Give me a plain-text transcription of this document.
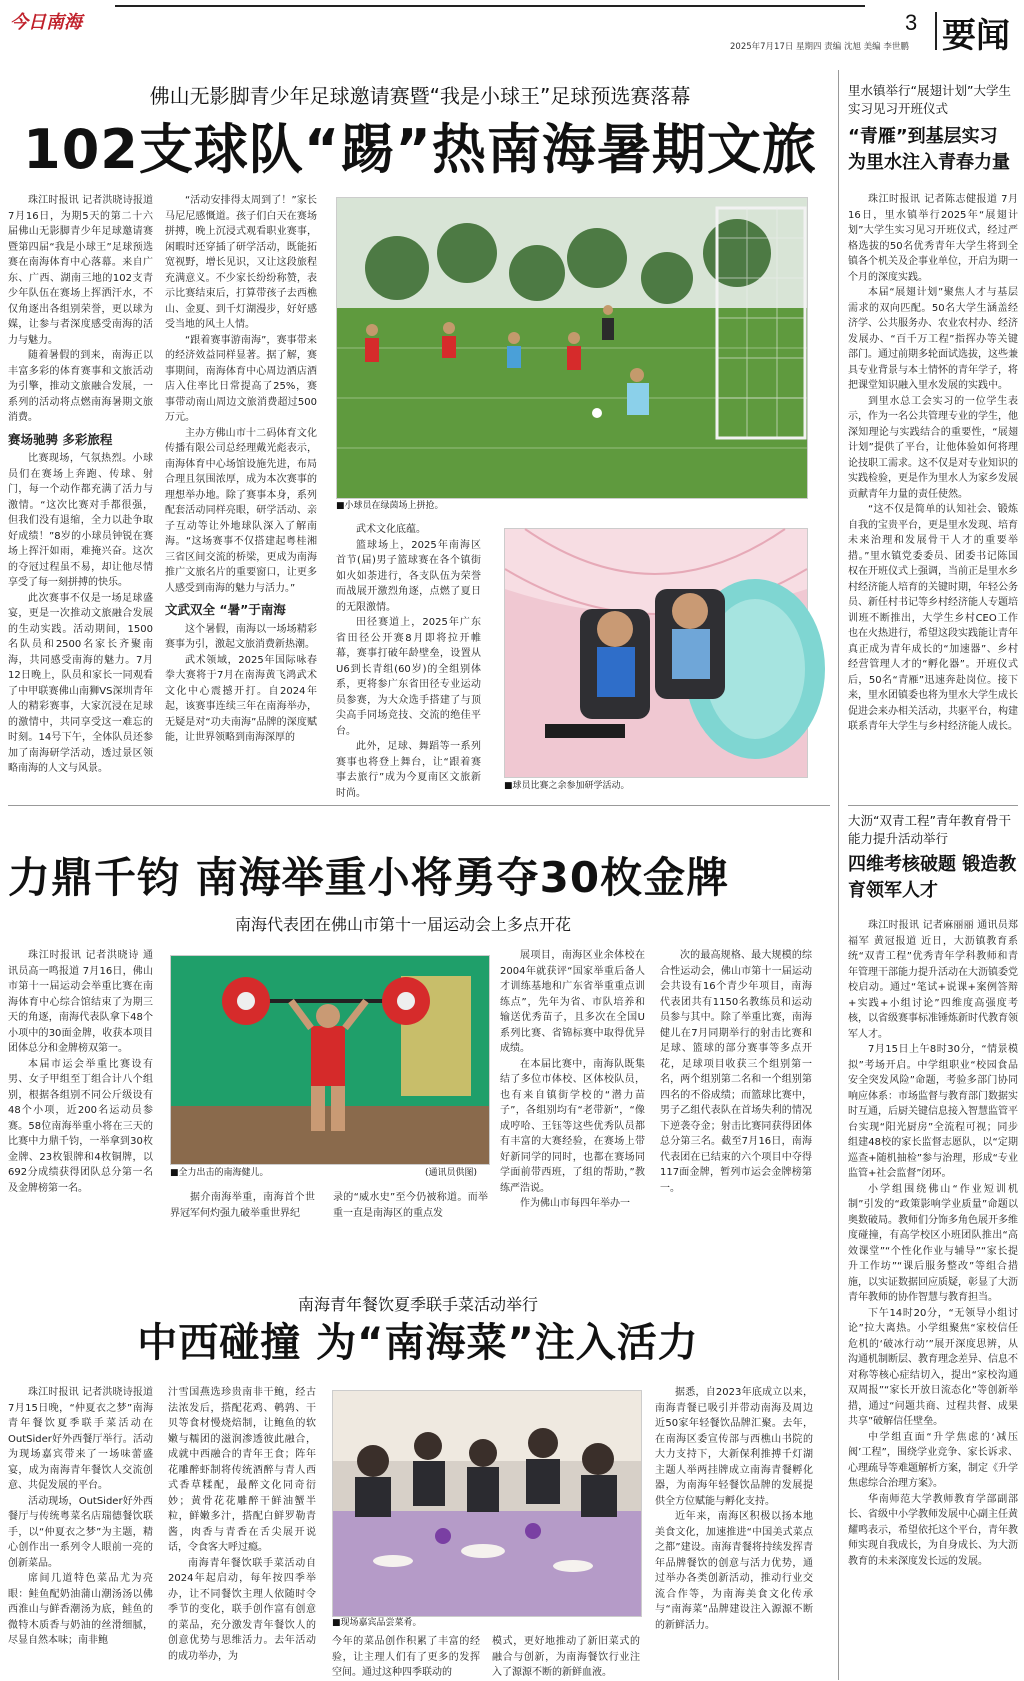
今日南海	3 要闻
2025年7月17日 星期四 责编 沈旭 美编 李世鹏
佛山无影脚青少年足球邀请赛暨“我是小球王”足球预选赛落幕
102支球队“踢”热南海暑期文旅

珠江时报讯 记者洪晓诗报道 7月16日，为期5天的第二十六届佛山无影脚青少年足球邀请赛暨第四届“我是小球王”足球预选赛在南海体育中心落幕。来自广东、广西、湖南三地的102支青少年队伍在赛场上挥洒汗水，不仅角逐出各组别荣誉，更以球为媒，让参与者深度感受南海的活力与魅力。

随着暑假的到来，南海正以丰富多彩的体育赛事和文旅活动为引擎，推动文旅融合发展，一系列的活动将点燃南海暑期文旅消费。

赛场驰骋 多彩旅程

比赛现场，气氛热烈。小球员们在赛场上奔跑、传球、射门，每一个动作都充满了活力与激情。“这次比赛对手都很强，但我们没有退缩，全力以赴争取好成绩！”8岁的小球员钟锐在赛场上挥汗如雨，难掩兴奋。这次的夺冠过程虽不易，却让他尽情享受了每一刻拼搏的快乐。

此次赛事不仅是一场足球盛宴，更是一次推动文旅融合发展的生动实践。活动期间，1500名队员和2500名家长齐聚南海，共同感受南海的魅力。7月12日晚上，队员和家长一同观看了中甲联赛佛山南狮VS深圳青年人的精彩赛事，大家沉浸在足球的激情中，共同享受这一难忘的时刻。14号下午，全体队员还参加了南海研学活动，透过景区领略南海的人文与风景。

“活动安排得太周到了！”家长马尼尼感慨道。孩子们白天在赛场拼搏，晚上沉浸式观看职业赛事，闲暇时还穿插了研学活动，既能拓宽视野，增长见识，又让这段旅程充满意义。不少家长纷纷称赞，表示比赛结束后，打算带孩子去西樵山、金夏、到千灯湖漫步，好好感受当地的风土人情。

“跟着赛事游南海”，赛事带来的经济效益同样显著。据了解，赛事期间，南海体育中心周边酒店酒店入住率比日常提高了25%，赛事带动南山周边文旅消费超过500万元。

主办方佛山市十二码体育文化传播有限公司总经理戴光彪表示，南海体育中心场馆设施先进，布局合理且氛围浓厚，成为本次赛事的理想举办地。除了赛事本身，系列配套活动同样亮眼，研学活动、亲子互动等让外地球队深入了解南海。“这场赛事不仅搭建起粤桂湘三省区间交流的桥梁，更成为南海推广文旅名片的重要窗口，让更多人感受到南海的魅力与活力。”

文武双全 “暑”于南海

这个暑假，南海以一场场精彩赛事为引，激起文旅消费新热潮。

武术领域，2025年国际咏春拳大赛将于7月在南海黄飞鸿武术文化中心震撼开打。自2024年起，该赛事连续三年在南海举办，无疑是对“功夫南海”品牌的深度赋能，让世界领略到南海深厚的

■小球员在绿茵场上拼抢。

武术文化底蕴。

篮球场上，2025年南海区首节(届)男子篮球赛在各个镇街如火如荼进行，各支队伍为荣誉而战展开激烈角逐，点燃了夏日的无限激情。

田径赛道上，2025年广东省田径公开赛8月即将拉开帷幕，赛事打破年龄壁垒，设置从U6到长青组(60岁)的全组别体系，更将参广东省田径专业运动员参赛，为大众选手搭建了与顶尖高手同场竞技、交流的绝佳平台。

此外，足球、舞蹈等一系列赛事也将登上舞台，让“跟着赛事去旅行”成为今夏南区文旅新时尚。

■球员比赛之余参加研学活动。
里水镇举行“展翅计划”大学生实习见习开班仪式
“青雁”到基层实习 为里水注入青春力量

珠江时报讯 记者陈志健报道 7月16日，里水镇举行2025年“展翅计划”大学生实习见习开班仪式，经过严格选拔的50名优秀青年大学生将到全镇各个机关及企事业单位，开启为期一个月的深度实践。

本届“展翅计划”聚焦人才与基层需求的双向匹配。50名大学生涵盖经济学、公共服务办、农业农村办、经济发展办、“百千万工程”指挥办等关键部门。通过前期多轮面试选拔，这些兼具专业背景与本土情怀的青年学子，将把课堂知识融入里水发展的实践中。

到里水总工会实习的一位学生表示，作为一名公共管理专业的学生，他深知理论与实践结合的重要性，“展翅计划”提供了平台，让他体验如何将理论技职工需求。这不仅是对专业知识的实践检验，更是作为里水人为家乡发展贡献青年力量的责任使然。

“这不仅是简单的认知社会、锻炼自我的宝贵平台，更是里水发现、培育未来治理和发展骨干人才的重要举措。”里水镇党委委员、团委书记陈国权在开班仪式上强调，当前正是里水乡村经济能人培育的关键时期，年轻公务员、新任村书记等乡村经济能人专题培训班不断推出，大学生乡村CEO工作也在火热进行，希望这段实践能让青年真正成为青年成长的“加速器”、乡村经营管理人才的“孵化器”。开班仪式后，50名“青雁”迅速奔赴岗位。接下来，里水团镇委也将为里水大学生成长促进会来办相关活动，共驱平台，构建联系青年大学生与乡村经济能人成长。

大沥“双青工程”青年教育骨干能力提升活动举行
四维考核破题 锻造教育领军人才

珠江时报讯 记者麻丽丽 通讯员郑福军 黄冠报道 近日，大沥镇教育系统“双青工程”优秀青年学科教师和青年管理干部能力提升活动在大沥镇委党校启动。通过“笔试+说课+案例答辩+实践+小组讨论”四维度高强度考核，以省级赛事标准锤炼新时代教育领军人才。

7月15日上午8时30分，“情景模拟”考场开启。中学组职业“校园食品安全突发风险”命题，考验多部门协同响应体系：市场监督与教育部门数据实时互通，后厨关键信息接入智慧监管平台实现“阳光厨房”全流程可视；同步组建48校的家长监督志愿队，以“定期巡查+随机抽检”参与治理，形成“专业监管+社会监督”闭环。

小学组围绕佛山“作业短训机制”引发的“政策影响学业质量”命题以奥数破局。教师们分饰多角色展开多维度碰撞，有高学校区小班团队推出“高效课堂”“个性化作业与辅导”“家长提升工作坊”“课后服务整改”等组合措施，以实证数据回应质疑，彰显了大沥青年教师的协作智慧与教育担当。

下午14时20分，“无领导小组讨论”拉大离热。小学组聚焦“家校信任危机的‘破冰行动’”展开深度思辨，从沟通机制断层、教育理念差异、信息不对称等核心症结切入，提出“家校沟通双周报”“家长开放日流态化”等创新举措，通过“问题共商、过程共督、成果共享”破解信任壁垒。

中学组直面“升学焦虑的‘减压阀’工程”，围绕学业竞争、家长诉求、心理疏导等难题解析方案，制定《升学焦虑综合治理方案》。

华南师范大学教师教育学部副部长、省级中小学教师发展中心副主任黄耀鸣表示，希望依托这个平台，青年教师实现自我成长，为自身成长、为大沥教育的未来深度发长远的发展。

力鼎千钧 南海举重小将勇夺30枚金牌
南海代表团在佛山市第十一届运动会上多点开花

珠江时报讯 记者洪晓诗 通讯员高一鸣报道 7月16日，佛山市第十一届运动会举重比赛在南海体育中心综合馆结束了为期三天的角逐，南海代表队拿下48个小项中的30面金牌，收获本项目团体总分和金牌榜双第一。

本届市运会举重比赛设有男、女子甲组至丁组合计八个组别，根据各组别不同公斤级设有48个小项，近200名运动员参赛。58位南海举重小将在三天的比赛中力鼎千钧，一举拿到30枚金牌、23枚银牌和4枚铜牌，以692分成绩获得团队总分第一名及金牌榜第一名。

■全力出击的南海健儿。	(通讯员供图)

据介南海举重，南海首个世界冠军何灼强九破举重世界纪

录的“威水史”至今仍被称道。而举重一直是南海区的重点发

展项目，南海区业余体校在2004年就获评“国家举重后备人才训练基地和广东省举重重点训练点”，先年为省、市队培养和输送优秀苗子，且多次在全国U系列比赛、省锦标赛中取得优异成绩。

在本届比赛中，南海队既集结了多位市体校、区体校队员，也有来自镇街学校的“潜力苗子”，各组别均有“老带新”，“像成哼哈、王钰等这些优秀队员都有丰富的大赛经验，在赛场上带好新同学的同时，也都在赛场同学面前带西班，了组的帮助，”教练严浩说。

作为佛山市每四年举办一

次的最高规格、最大规模的综合性运动会，佛山市第十一届运动会共设有16个青少年项目，南海代表团共有1150名教练员和运动员参与其中。除了举重比赛，南海健儿在7月同期举行的射击比赛和足球、篮球的部分赛事等多点开花，足球项目收获三个组别第一名，两个组别第二名和一个组别第四名的不俗成绩；而篮球比赛中，男子乙组代表队在首场失利的情况下逆袭夺金；射击比赛同获得团体总分第三名。截至7月16日，南海代表团在已结束的六个项目中夺得117面金牌，暂列市运会金牌榜第一。

南海青年餐饮夏季联手菜活动举行
中西碰撞 为“南海菜”注入活力

珠江时报讯 记者洪晓诗报道 7月15日晚，“仲夏衣之梦”南海青年餐饮夏季联手菜活动在OutSider好外西餐厅举行。活动为现场嘉宾带来了一场味蕾盛宴，成为南海青年餐饮人交流创意、共促发展的平台。

活动现场，OutSider好外西餐厅与传统粤菜名店瑞德餐饮联手，以“仲夏衣之梦”为主题，精心创作出一系列令人眼前一亮的创新菜品。

席间几道特色菜品尤为亮眼：鲑鱼配奶油蒲山潮汤汤以佛西淮山与鲜香潮汤为底，鲑鱼的微特木质香与奶油的丝滑细腻，尽显自然本味；南非鲍

汁雪国燕选珍贵南非干鲍，经古法浓发后，搭配花鸡、鹌鹑、干贝等食材慢烧焙制，让鲍鱼的软嫩与糯团的滋润渗透彼此融合，成就中西融合的青年王食；阵年花雕醉虾制将传统酒醉与青人西式香草糅配，最醉文化同奇衍妙；黄骨花花雕醉干鲜油蟹半粒，鲜嫩多汁，搭配白鲜罗勒青酱，肉香与青香在舌尖展开说话，令食客大呼过瘾。

南海青年餐饮联手菜活动自2024年起启动，每年按四季举办，让不同餐饮主理人依随时令季节的变化，联手创作富有创意的菜品，充分激发青年餐饮人的创意优势与思维活力。去年活动的成功举办，为

■现场嘉宾品尝菜肴。

今年的菜品创作积累了丰富的经验，让主理人们有了更多的发挥空间。通过这种四季联动的

模式，更好地推动了新旧菜式的融合与创新，为南海餐饮行业注入了源源不断的新鲜血液。

据悉，自2023年底成立以来，南海青餐已吸引并带动南海及周边近50家年轻餐饮品牌汇聚。去年，在南海区委宣传部与西樵山书院的大力支持下，大新保利推搏千灯湖主题人举两挂牌成立南海青餐孵化器，为南海年轻餐饮品牌的发展提供全方位赋能与孵化支持。

近年来，南海区积极以扬本地美食文化，加速推进“中国美式菜点之都”建设。南海青餐将持续发挥青年品牌餐饮的创意与活力优势，通过举办各类创新活动，推动行业交流合作等，为南海美食文化传承与“南海菜”品牌建设注入源源不断的新鲜活力。
